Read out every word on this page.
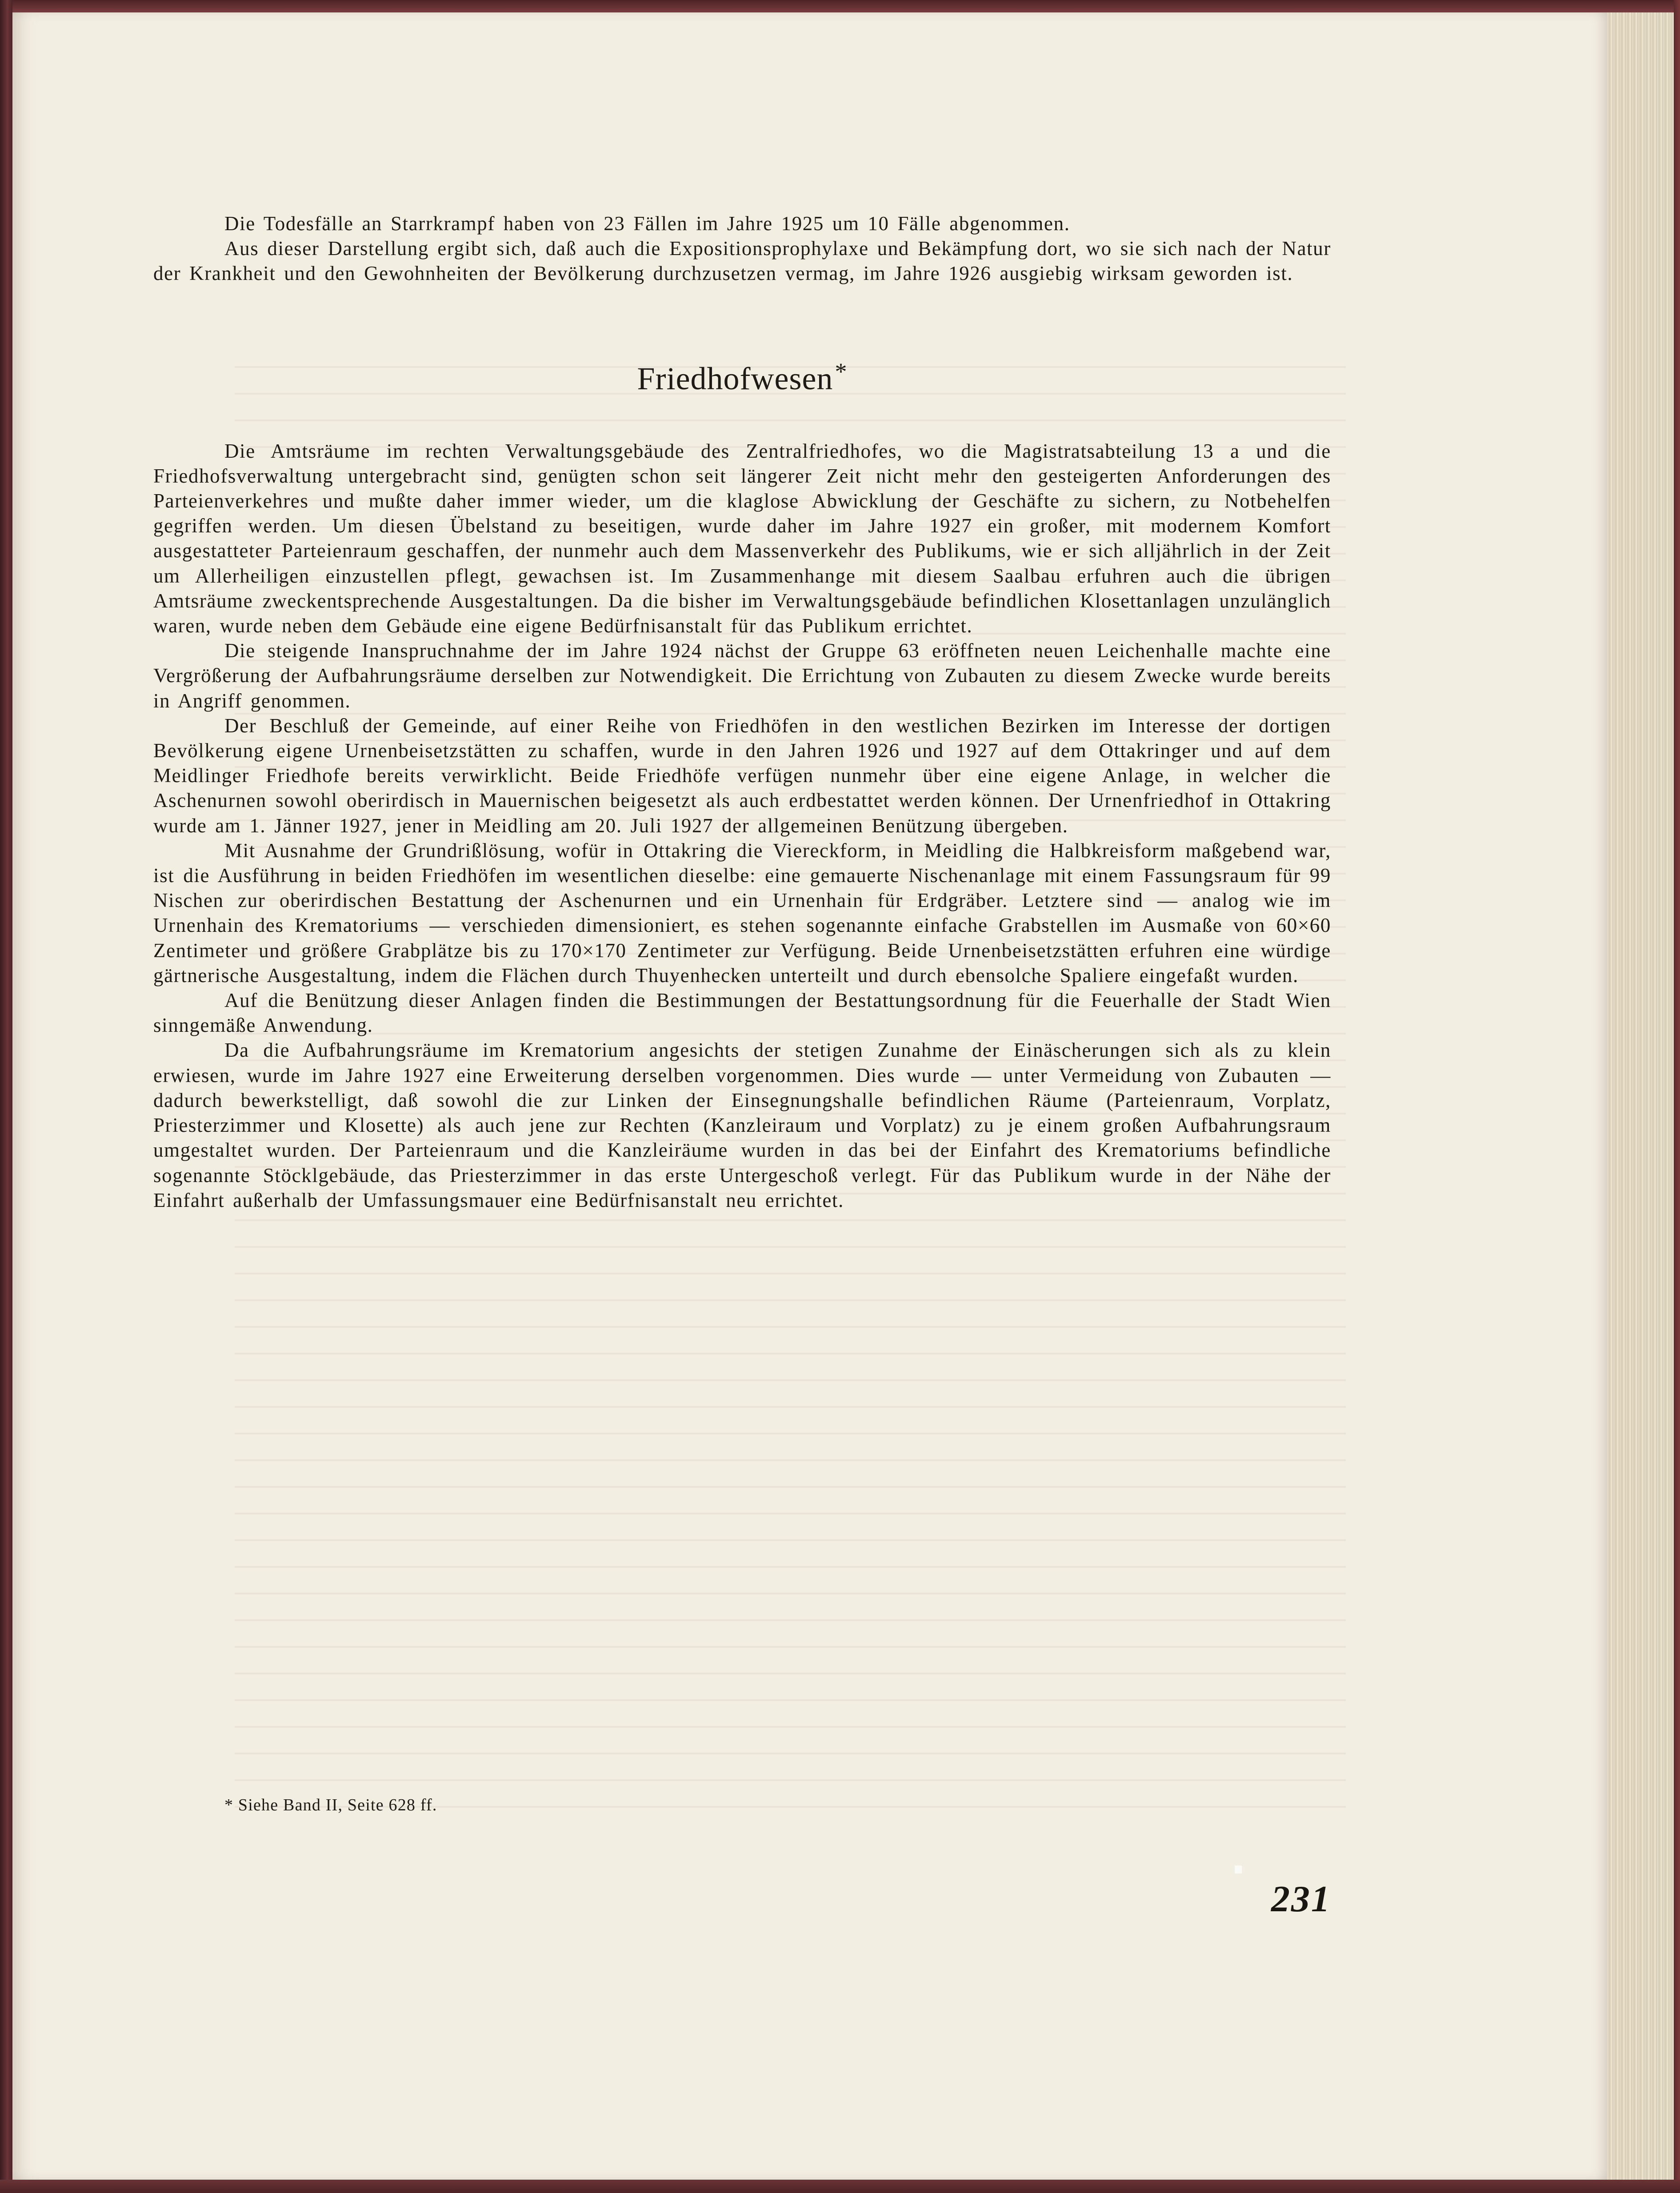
Die Todesfälle an Starrkrampf haben von 23 Fällen im Jahre 1925 um 10 Fälle abgenommen.

Aus dieser Darstellung ergibt sich, daß auch die Expositionsprophylaxe und Bekämpfung dort, wo sie sich nach der Natur der Krankheit und den Gewohnheiten der Bevölkerung durchzusetzen vermag, im Jahre 1926 ausgiebig wirksam geworden ist.

Friedhofwesen*

Die Amtsräume im rechten Verwaltungsgebäude des Zentralfriedhofes, wo die Magistratsabteilung 13 a und die Friedhofsverwaltung untergebracht sind, genügten schon seit längerer Zeit nicht mehr den gesteigerten Anforderungen des Parteienverkehres und mußte daher immer wieder, um die klaglose Abwicklung der Geschäfte zu sichern, zu Notbehelfen gegriffen werden. Um diesen Übelstand zu beseitigen, wurde daher im Jahre 1927 ein großer, mit modernem Komfort ausgestatteter Parteienraum geschaffen, der nunmehr auch dem Massenverkehr des Publikums, wie er sich alljährlich in der Zeit um Allerheiligen einzustellen pflegt, gewachsen ist. Im Zusammenhange mit diesem Saalbau erfuhren auch die übrigen Amtsräume zweckentsprechende Ausgestaltungen. Da die bisher im Verwaltungsgebäude befindlichen Klosettanlagen unzulänglich waren, wurde neben dem Gebäude eine eigene Bedürfnisanstalt für das Publikum errichtet.

Die steigende Inanspruchnahme der im Jahre 1924 nächst der Gruppe 63 eröffneten neuen Leichenhalle machte eine Vergrößerung der Aufbahrungsräume derselben zur Notwendigkeit. Die Errichtung von Zubauten zu diesem Zwecke wurde bereits in Angriff genommen.

Der Beschluß der Gemeinde, auf einer Reihe von Friedhöfen in den westlichen Bezirken im Interesse der dortigen Bevölkerung eigene Urnenbeisetzstätten zu schaffen, wurde in den Jahren 1926 und 1927 auf dem Ottakringer und auf dem Meidlinger Friedhofe bereits verwirklicht. Beide Friedhöfe verfügen nunmehr über eine eigene Anlage, in welcher die Aschenurnen sowohl oberirdisch in Mauernischen beigesetzt als auch erdbestattet werden können. Der Urnenfriedhof in Ottakring wurde am 1. Jänner 1927, jener in Meidling am 20. Juli 1927 der allgemeinen Benützung übergeben.

Mit Ausnahme der Grundrißlösung, wofür in Ottakring die Viereckform, in Meidling die Halbkreisform maßgebend war, ist die Ausführung in beiden Friedhöfen im wesentlichen dieselbe: eine gemauerte Nischenanlage mit einem Fassungsraum für 99 Nischen zur oberirdischen Bestattung der Aschenurnen und ein Urnenhain für Erdgräber. Letztere sind — analog wie im Urnenhain des Krematoriums — verschieden dimensioniert, es stehen sogenannte einfache Grabstellen im Ausmaße von 60×60 Zentimeter und größere Grabplätze bis zu 170×170 Zentimeter zur Verfügung. Beide Urnenbeisetzstätten erfuhren eine würdige gärtnerische Ausgestaltung, indem die Flächen durch Thuyenhecken unterteilt und durch ebensolche Spaliere eingefaßt wurden.

Auf die Benützung dieser Anlagen finden die Bestimmungen der Bestattungsordnung für die Feuerhalle der Stadt Wien sinngemäße Anwendung.

Da die Aufbahrungsräume im Krematorium angesichts der stetigen Zunahme der Einäscherungen sich als zu klein erwiesen, wurde im Jahre 1927 eine Erweiterung derselben vorgenommen. Dies wurde — unter Vermeidung von Zubauten — dadurch bewerkstelligt, daß sowohl die zur Linken der Einsegnungshalle befindlichen Räume (Parteienraum, Vorplatz, Priesterzimmer und Klosette) als auch jene zur Rechten (Kanzleiraum und Vorplatz) zu je einem großen Aufbahrungsraum umgestaltet wurden. Der Parteienraum und die Kanzleiräume wurden in das bei der Einfahrt des Krematoriums befindliche sogenannte Stöcklgebäude, das Priesterzimmer in das erste Untergeschoß verlegt. Für das Publikum wurde in der Nähe der Einfahrt außerhalb der Umfassungsmauer eine Bedürfnisanstalt neu errichtet.

* Siehe Band II, Seite 628 ff.
231
